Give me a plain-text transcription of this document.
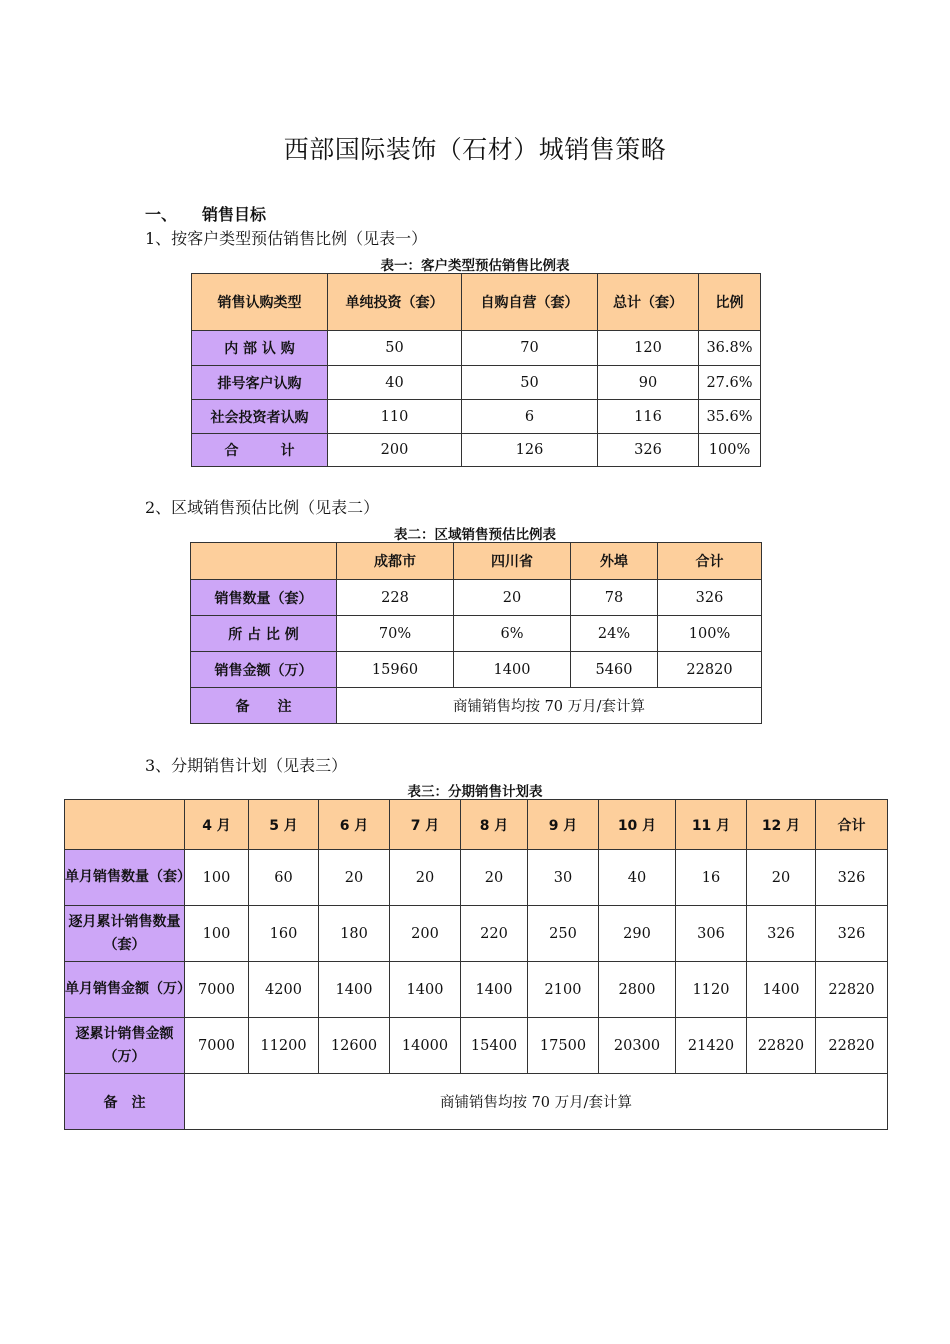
西部国际装饰（石材）城销售策略
一、 销售目标
1、按客户类型预估销售比例（见表一）
表一：客户类型预估销售比例表
销售认购类型	单纯投资（套）	自购自营（套）	总计（套）	比例
内 部 认 购	50	70	120	36.8%
排号客户认购	40	50	90	27.6%
社会投资者认购	110	6	116	35.6%
合　　　计	200	126	326	100%
2、区域销售预估比例（见表二）
表二：区域销售预估比例表
	成都市	四川省	外埠	合计
销售数量（套）	228	20	78	326
所 占 比 例	70%	6%	24%	100%
销售金额（万）	15960	1400	5460	22820
备　　注	商铺销售均按 70 万月/套计算			
3、分期销售计划（见表三）
表三：分期销售计划表
	4 月	5 月	6 月	7 月	8 月	9 月	10 月	11 月	12 月	合计
单月销售数量（套）	100	60	20	20	20	30	40	16	20	326
逐月累计销售数量（套）	100	160	180	200	220	250	290	306	326	326
单月销售金额（万）	7000	4200	1400	1400	1400	2100	2800	1120	1400	22820
逐累计销售金额（万）	7000	11200	12600	14000	15400	17500	20300	21420	22820	22820
备　注	商铺销售均按 70 万月/套计算									
